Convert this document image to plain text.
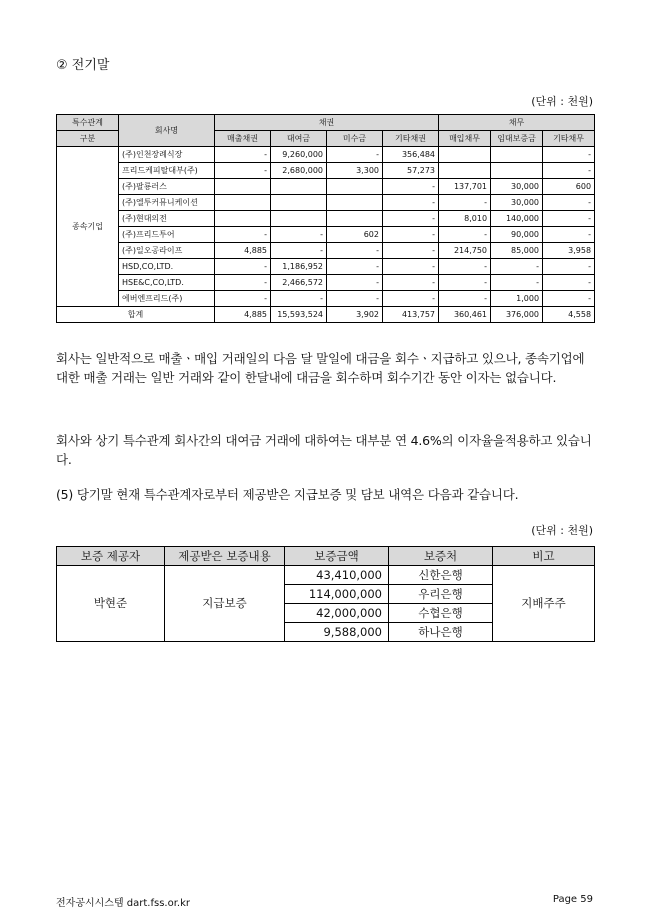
② 전기말
(단위 : 천원)
특수관계	회사명	채권				채무		
구분		매출채권	대여금	미수금	기타채권	매입채무	임대보증금	기타채무
종속기업	(주)인천장례식장	-	9,260,000	-	356,484			-
	프리드케피탈대부(주)	-	2,680,000	3,300	57,273			-
	(주)팔룡러스				-	137,701	30,000	600
	(주)엘투커뮤니케이션				-	-	30,000	-
	(주)현대의전				-	8,010	140,000	-
	(주)프리드투어	-	-	602	-	-	90,000	-
	(주)일오공라이프	4,885	-	-	-	214,750	85,000	3,958
	HSD,CO,LTD.	-	1,186,952	-	-	-	-	-
	HSE&C,CO,LTD.	-	2,466,572	-	-	-	-	-
	에버엔프리드(주)	-	-	-	-	-	1,000	-
합계		4,885	15,593,524	3,902	413,757	360,461	376,000	4,558

회사는 일반적으로 매출ㆍ매입 거래일의 다음 달 말일에 대금을 회수ㆍ지급하고 있으나, 종속기업에 대한 매출 거래는 일반 거래와 같이 한달내에 대금을 회수하며 회수기간 동안 이자는 없습니다.

회사와 상기 특수관계 회사간의 대여금 거래에 대하여는 대부분 연 4.6%의 이자율을적용하고 있습니다.

(5) 당기말 현재 특수관계자로부터 제공받은 지급보증 및 담보 내역은 다음과 같습니다.

(단위 : 천원)
보증 제공자	제공받은 보증내용	보증금액	보증처	비고
박현준	지급보증	43,410,000	신한은행	지배주주
		114,000,000	우리은행	
		42,000,000	수협은행	
		9,588,000	하나은행	
전자공시시스템 dart.fss.or.kr	Page 59
